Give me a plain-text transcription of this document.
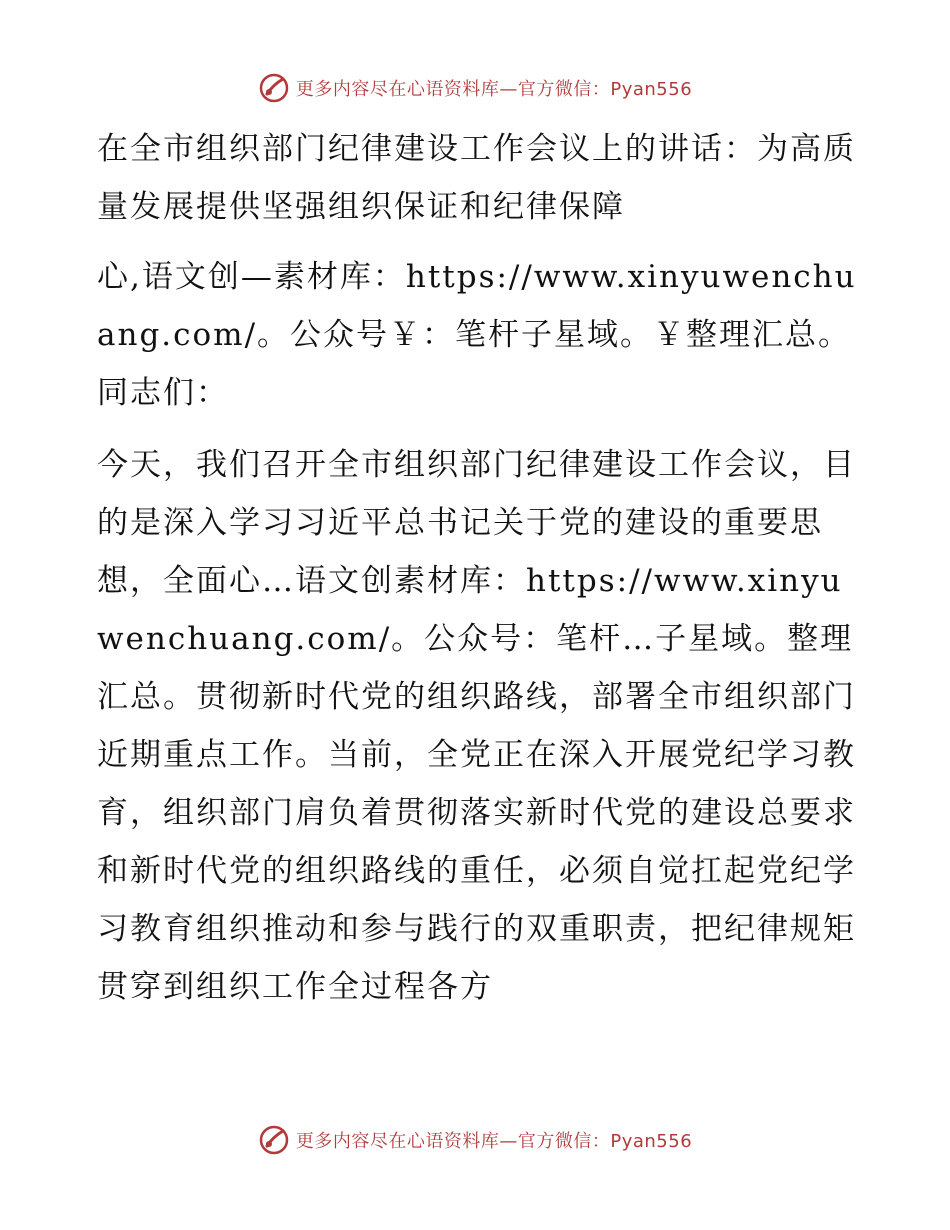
更多内容尽在心语资料库—官方微信：Pyan556

在全市组织部门纪律建设工作会议上的讲话：为高质量发展提供坚强组织保证和纪律保障

心,语文创—素材库：https://www.xinyuwenchuang.com/。公众号￥：笔杆子星域。￥整理汇总。同志们：

今天，我们召开全市组织部门纪律建设工作会议，目的是深入学习习近平总书记关于党的建设的重要思想，全面心…语文创素材库：https://www.xinyuwenchuang.com/。公众号：笔杆…子星域。整理汇总。贯彻新时代党的组织路线，部署全市组织部门近期重点工作。当前，全党正在深入开展党纪学习教育，组织部门肩负着贯彻落实新时代党的建设总要求和新时代党的组织路线的重任，必须自觉扛起党纪学习教育组织推动和参与践行的双重职责，把纪律规矩贯穿到组织工作全过程各方

更多内容尽在心语资料库—官方微信：Pyan556
